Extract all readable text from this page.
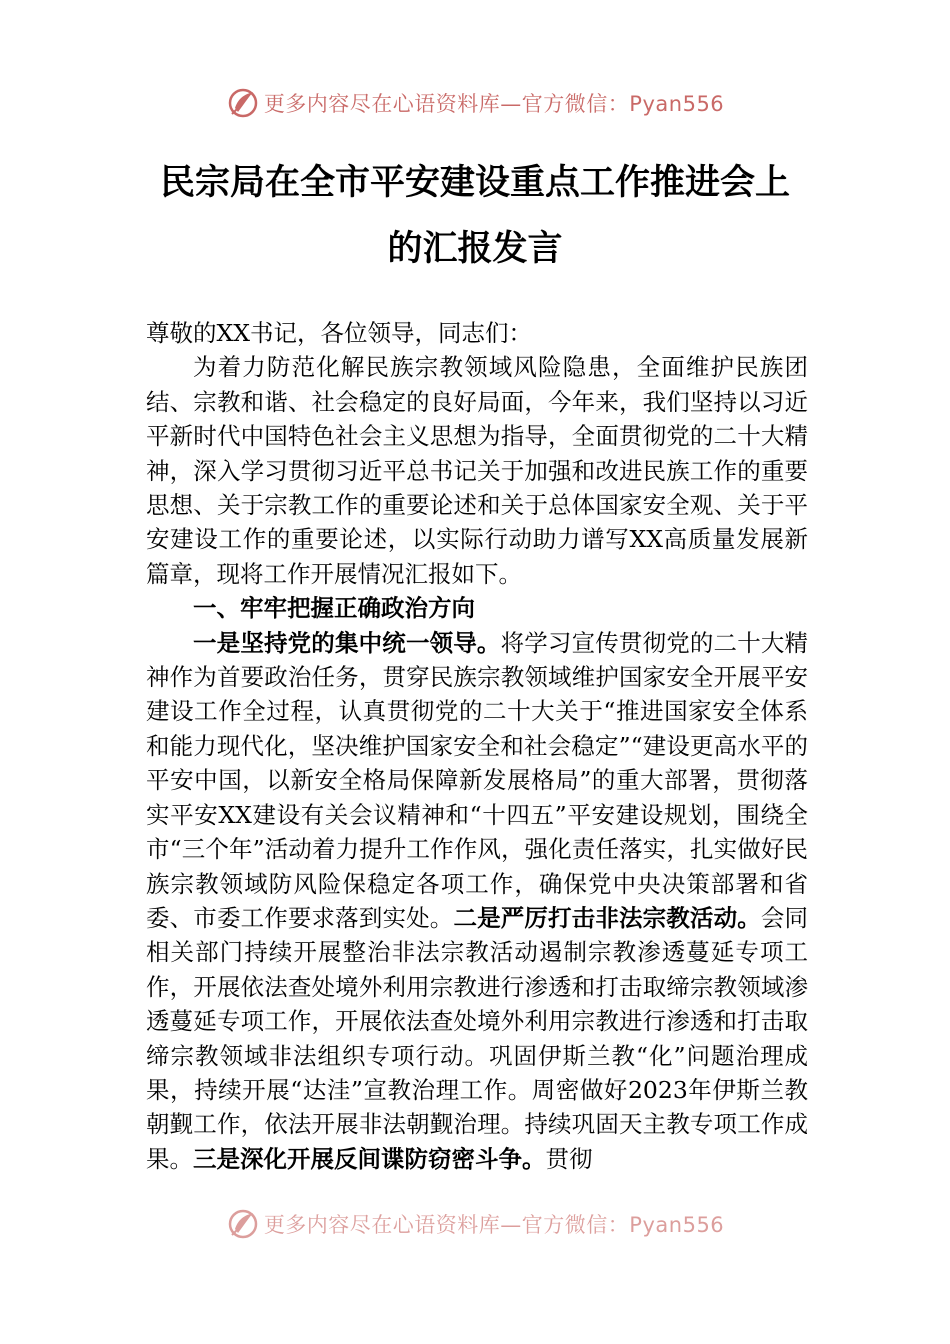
更多内容尽在心语资料库—官方微信：Pyan556
民宗局在全市平安建设重点工作推进会上
的汇报发言

尊敬的XX书记，各位领导，同志们：

为着力防范化解民族宗教领域风险隐患，全面维护民族团结、宗教和谐、社会稳定的良好局面，今年来，我们坚持以习近平新时代中国特色社会主义思想为指导，全面贯彻党的二十大精神，深入学习贯彻习近平总书记关于加强和改进民族工作的重要思想、关于宗教工作的重要论述和关于总体国家安全观、关于平安建设工作的重要论述，以实际行动助力谱写XX高质量发展新篇章，现将工作开展情况汇报如下。

一、牢牢把握正确政治方向

一是坚持党的集中统一领导。将学习宣传贯彻党的二十大精神作为首要政治任务，贯穿民族宗教领域维护国家安全开展平安建设工作全过程，认真贯彻党的二十大关于“推进国家安全体系和能力现代化，坚决维护国家安全和社会稳定”“建设更高水平的平安中国，以新安全格局保障新发展格局”的重大部署，贯彻落实平安XX建设有关会议精神和“十四五”平安建设规划，围绕全市“三个年”活动着力提升工作作风，强化责任落实，扎实做好民族宗教领域防风险保稳定各项工作，确保党中央决策部署和省委、市委工作要求落到实处。二是严厉打击非法宗教活动。会同相关部门持续开展整治非法宗教活动遏制宗教渗透蔓延专项工作，开展依法查处境外利用宗教进行渗透和打击取缔宗教领域渗透蔓延专项工作，开展依法查处境外利用宗教进行渗透和打击取缔宗教领域非法组织专项行动。巩固伊斯兰教“化”问题治理成果，持续开展“达洼”宣教治理工作。周密做好2023年伊斯兰教朝觐工作，依法开展非法朝觐治理。持续巩固天主教专项工作成果。三是深化开展反间谍防窃密斗争。贯彻

更多内容尽在心语资料库—官方微信：Pyan556
